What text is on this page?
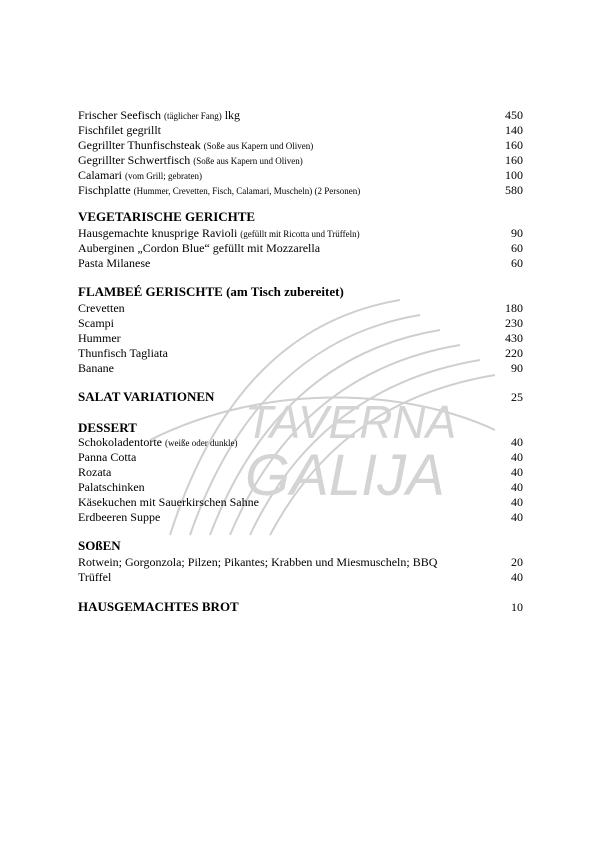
TAVERNA
GALIJA
Frischer Seefisch (täglicher Fang) lkg	450
Fischfilet gegrillt	140
Gegrillter Thunfischsteak (Soße aus Kapern und Oliven)	160
Gegrillter Schwertfisch (Soße aus Kapern und Oliven)	160
Calamari (vom Grill; gebraten)	100
Fischplatte (Hummer, Crevetten, Fisch, Calamari, Muscheln) (2 Personen)	580
VEGETARISCHE GERICHTE
Hausgemachte knusprige Ravioli (gefüllt mit Ricotta und Trüffeln)	90
Auberginen „Cordon Blue“ gefüllt mit Mozzarella	60
Pasta Milanese	60
FLAMBEÉ GERISCHTE (am Tisch zubereitet)
Crevetten	180
Scampi	230
Hummer	430
Thunfisch Tagliata	220
Banane	90
SALAT VARIATIONEN	25
DESSERT
Schokoladentorte (weiße oder dunkle)	40
Panna Cotta	40
Rozata	40
Palatschinken	40
Käsekuchen mit Sauerkirschen Sahne	40
Erdbeeren Suppe	40
SOßEN
Rotwein; Gorgonzola; Pilzen; Pikantes; Krabben und Miesmuscheln; BBQ	20
Trüffel	40
HAUSGEMACHTES BROT	10
